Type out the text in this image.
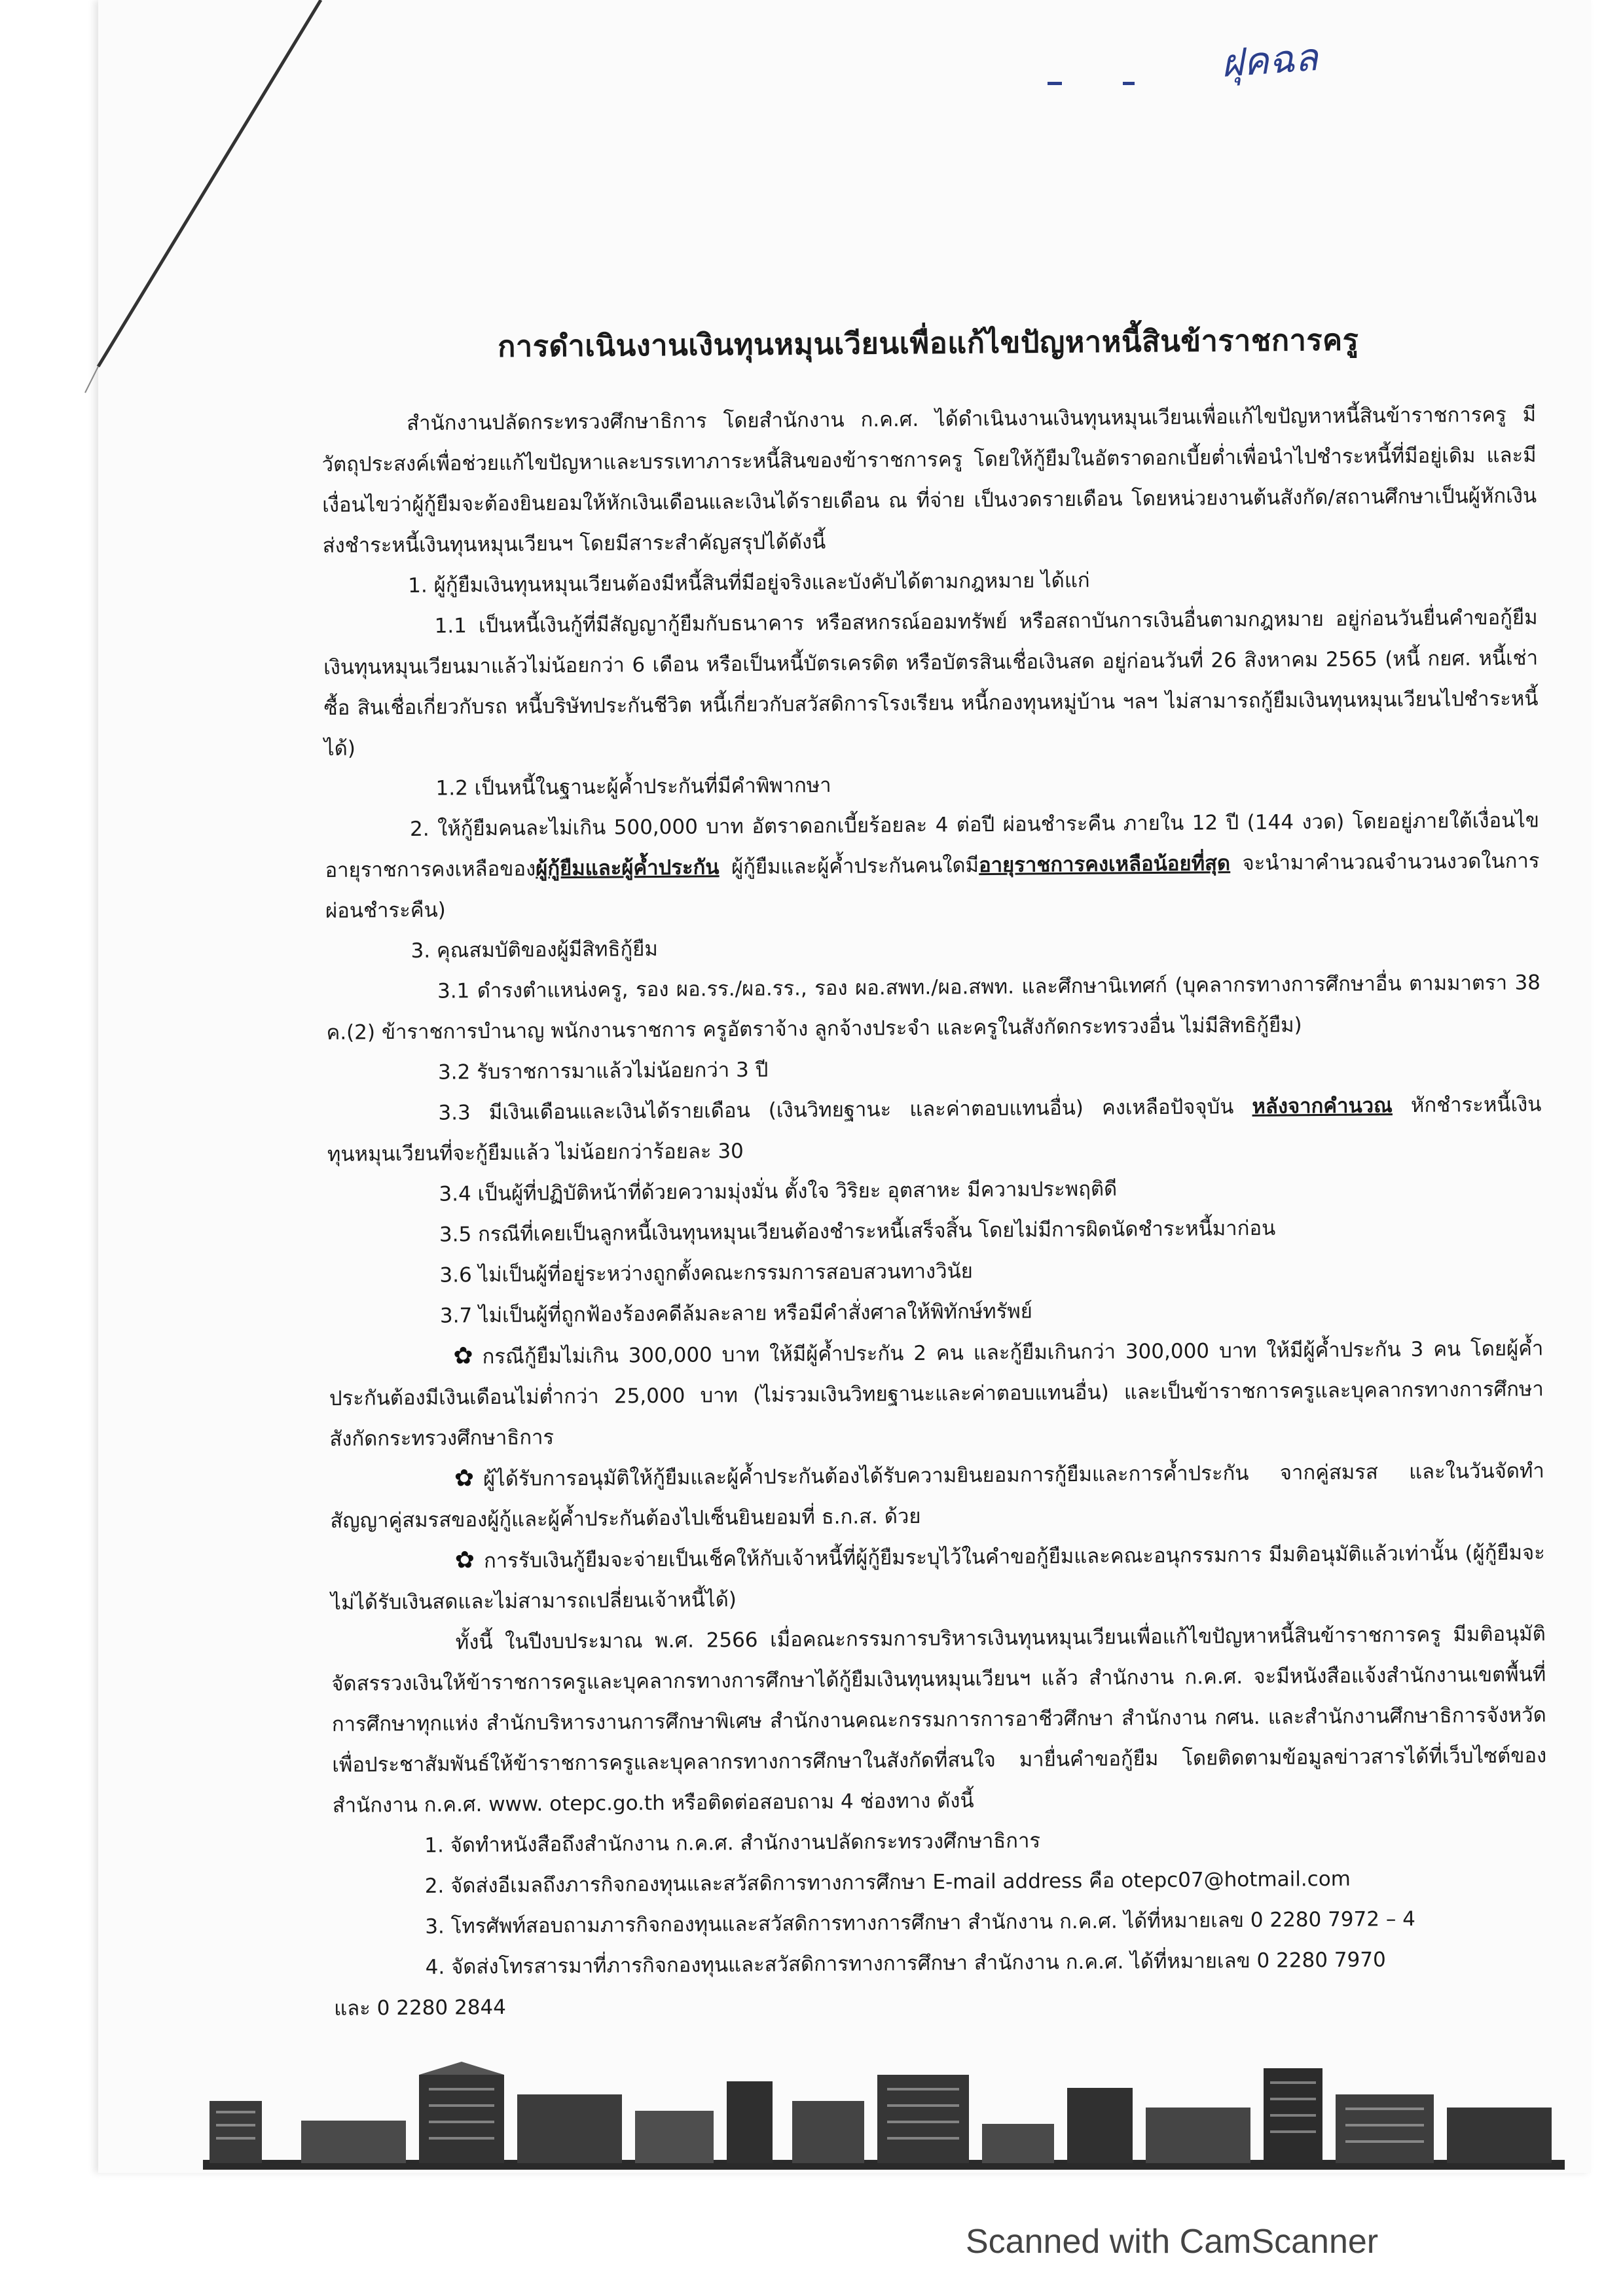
ฝุคฉล
การดำเนินงานเงินทุนหมุนเวียนเพื่อแก้ไขปัญหาหนี้สินข้าราชการครู

สำนักงานปลัดกระทรวงศึกษาธิการ โดยสำนักงาน ก.ค.ศ. ได้ดำเนินงานเงินทุนหมุนเวียนเพื่อแก้ไขปัญหาหนี้สินข้าราชการครู มีวัตถุประสงค์เพื่อช่วยแก้ไขปัญหาและบรรเทาภาระหนี้สินของข้าราชการครู โดยให้กู้ยืมในอัตราดอกเบี้ยต่ำเพื่อนำไปชำระหนี้ที่มีอยู่เดิม และมีเงื่อนไขว่าผู้กู้ยืมจะต้องยินยอมให้หักเงินเดือนและเงินได้รายเดือน ณ ที่จ่าย เป็นงวดรายเดือน โดยหน่วยงานต้นสังกัด/สถานศึกษาเป็นผู้หักเงินส่งชำระหนี้เงินทุนหมุนเวียนฯ โดยมีสาระสำคัญสรุปได้ดังนี้

1. ผู้กู้ยืมเงินทุนหมุนเวียนต้องมีหนี้สินที่มีอยู่จริงและบังคับได้ตามกฎหมาย ได้แก่

1.1 เป็นหนี้เงินกู้ที่มีสัญญากู้ยืมกับธนาคาร หรือสหกรณ์ออมทรัพย์ หรือสถาบันการเงินอื่นตามกฎหมาย อยู่ก่อนวันยื่นคำขอกู้ยืมเงินทุนหมุนเวียนมาแล้วไม่น้อยกว่า 6 เดือน หรือเป็นหนี้บัตรเครดิต หรือบัตรสินเชื่อเงินสด อยู่ก่อนวันที่ 26 สิงหาคม 2565 (หนี้ กยศ. หนี้เช่าซื้อ สินเชื่อเกี่ยวกับรถ หนี้บริษัทประกันชีวิต หนี้เกี่ยวกับสวัสดิการโรงเรียน หนี้กองทุนหมู่บ้าน ฯลฯ ไม่สามารถกู้ยืมเงินทุนหมุนเวียนไปชำระหนี้ได้)

1.2 เป็นหนี้ในฐานะผู้ค้ำประกันที่มีคำพิพากษา

2. ให้กู้ยืมคนละไม่เกิน 500,000 บาท อัตราดอกเบี้ยร้อยละ 4 ต่อปี ผ่อนชำระคืน ภายใน 12 ปี (144 งวด) โดยอยู่ภายใต้เงื่อนไขอายุราชการคงเหลือของผู้กู้ยืมและผู้ค้ำประกัน ผู้กู้ยืมและผู้ค้ำประกันคนใดมีอายุราชการคงเหลือน้อยที่สุด จะนำมาคำนวณจำนวนงวดในการผ่อนชำระคืน)

3. คุณสมบัติของผู้มีสิทธิกู้ยืม

3.1 ดำรงตำแหน่งครู, รอง ผอ.รร./ผอ.รร., รอง ผอ.สพท./ผอ.สพท. และศึกษานิเทศก์ (บุคลากรทางการศึกษาอื่น ตามมาตรา 38 ค.(2) ข้าราชการบำนาญ พนักงานราชการ ครูอัตราจ้าง ลูกจ้างประจำ และครูในสังกัดกระทรวงอื่น ไม่มีสิทธิกู้ยืม)

3.2 รับราชการมาแล้วไม่น้อยกว่า 3 ปี

3.3 มีเงินเดือนและเงินได้รายเดือน (เงินวิทยฐานะ และค่าตอบแทนอื่น) คงเหลือปัจจุบัน หลังจากคำนวณ หักชำระหนี้เงินทุนหมุนเวียนที่จะกู้ยืมแล้ว ไม่น้อยกว่าร้อยละ 30

3.4 เป็นผู้ที่ปฏิบัติหน้าที่ด้วยความมุ่งมั่น ตั้งใจ วิริยะ อุตสาหะ มีความประพฤติดี

3.5 กรณีที่เคยเป็นลูกหนี้เงินทุนหมุนเวียนต้องชำระหนี้เสร็จสิ้น โดยไม่มีการผิดนัดชำระหนี้มาก่อน

3.6 ไม่เป็นผู้ที่อยู่ระหว่างถูกตั้งคณะกรรมการสอบสวนทางวินัย

3.7 ไม่เป็นผู้ที่ถูกฟ้องร้องคดีล้มละลาย หรือมีคำสั่งศาลให้พิทักษ์ทรัพย์

✿ กรณีกู้ยืมไม่เกิน 300,000 บาท ให้มีผู้ค้ำประกัน 2 คน และกู้ยืมเกินกว่า 300,000 บาท ให้มีผู้ค้ำประกัน 3 คน โดยผู้ค้ำประกันต้องมีเงินเดือนไม่ต่ำกว่า 25,000 บาท (ไม่รวมเงินวิทยฐานะและค่าตอบแทนอื่น) และเป็นข้าราชการครูและบุคลากรทางการศึกษา สังกัดกระทรวงศึกษาธิการ

✿ ผู้ได้รับการอนุมัติให้กู้ยืมและผู้ค้ำประกันต้องได้รับความยินยอมการกู้ยืมและการค้ำประกัน จากคู่สมรส และในวันจัดทำสัญญาคู่สมรสของผู้กู้และผู้ค้ำประกันต้องไปเซ็นยินยอมที่ ธ.ก.ส. ด้วย

✿ การรับเงินกู้ยืมจะจ่ายเป็นเช็คให้กับเจ้าหนี้ที่ผู้กู้ยืมระบุไว้ในคำขอกู้ยืมและคณะอนุกรรมการ มีมติอนุมัติแล้วเท่านั้น (ผู้กู้ยืมจะไม่ได้รับเงินสดและไม่สามารถเปลี่ยนเจ้าหนี้ได้)

ทั้งนี้ ในปีงบประมาณ พ.ศ. 2566 เมื่อคณะกรรมการบริหารเงินทุนหมุนเวียนเพื่อแก้ไขปัญหาหนี้สินข้าราชการครู มีมติอนุมัติจัดสรรวงเงินให้ข้าราชการครูและบุคลากรทางการศึกษาได้กู้ยืมเงินทุนหมุนเวียนฯ แล้ว สำนักงาน ก.ค.ศ. จะมีหนังสือแจ้งสำนักงานเขตพื้นที่การศึกษาทุกแห่ง สำนักบริหารงานการศึกษาพิเศษ สำนักงานคณะกรรมการการอาชีวศึกษา สำนักงาน กศน. และสำนักงานศึกษาธิการจังหวัด เพื่อประชาสัมพันธ์ให้ข้าราชการครูและบุคลากรทางการศึกษาในสังกัดที่สนใจ มายื่นคำขอกู้ยืม โดยติดตามข้อมูลข่าวสารได้ที่เว็บไซต์ของสำนักงาน ก.ค.ศ. www. otepc.go.th หรือติดต่อสอบถาม 4 ช่องทาง ดังนี้

1. จัดทำหนังสือถึงสำนักงาน ก.ค.ศ. สำนักงานปลัดกระทรวงศึกษาธิการ

2. จัดส่งอีเมลถึงภารกิจกองทุนและสวัสดิการทางการศึกษา E-mail address คือ otepc07@hotmail.com

3. โทรศัพท์สอบถามภารกิจกองทุนและสวัสดิการทางการศึกษา สำนักงาน ก.ค.ศ. ได้ที่หมายเลข 0 2280 7972 – 4

4. จัดส่งโทรสารมาที่ภารกิจกองทุนและสวัสดิการทางการศึกษา สำนักงาน ก.ค.ศ. ได้ที่หมายเลข 0 2280 7970

และ 0 2280 2844

Scanned with CamScanner
